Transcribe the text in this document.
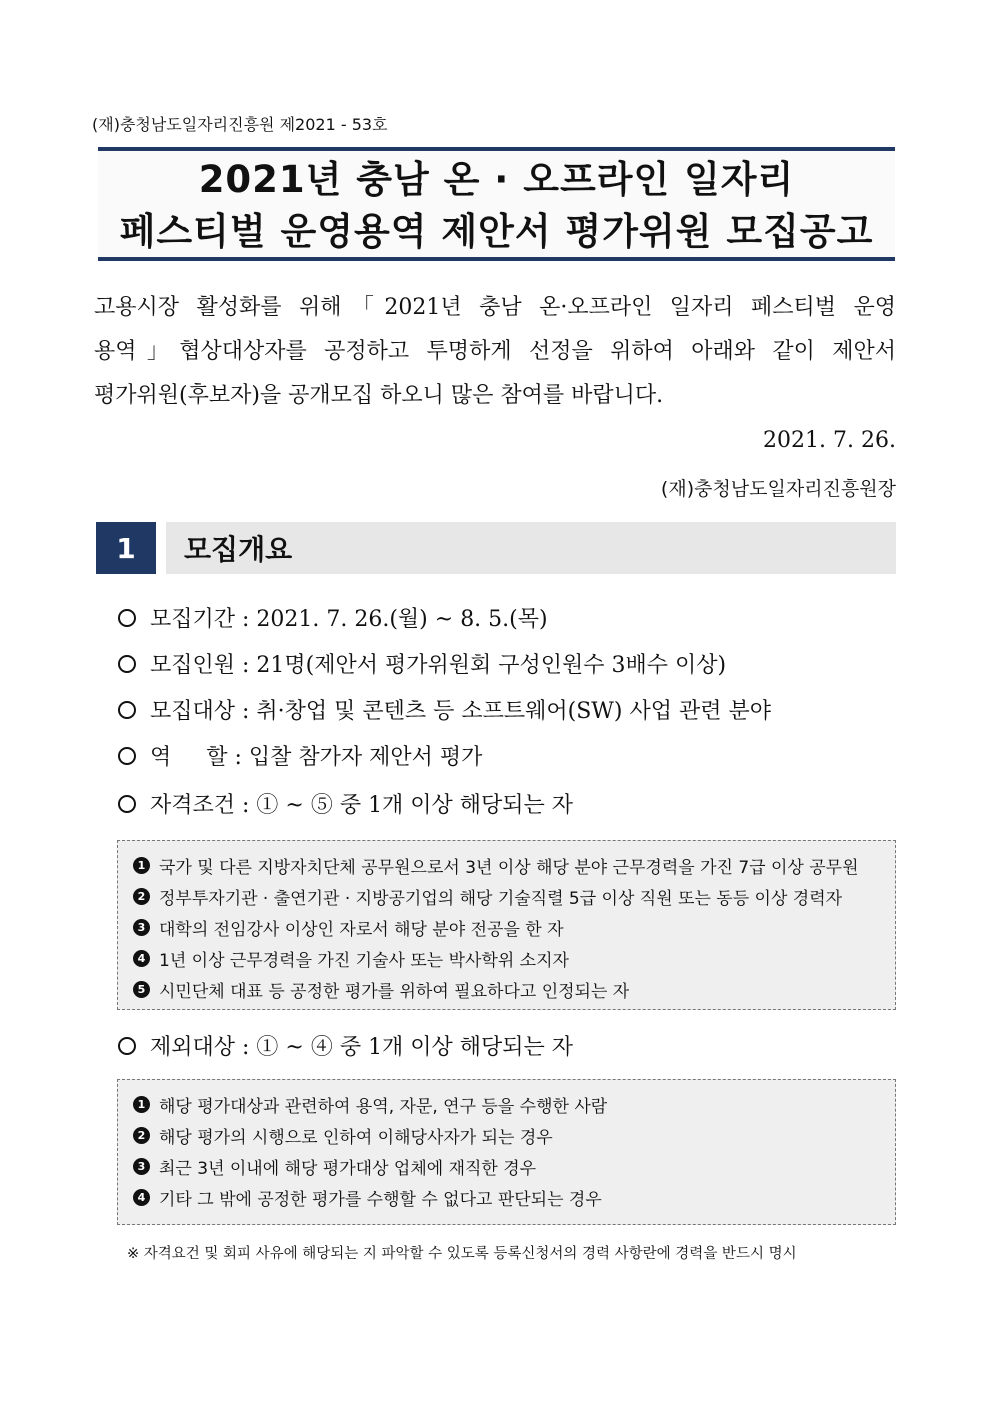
(재)충청남도일자리진흥원 제2021 - 53호
2021년 충남 온 · 오프라인 일자리
페스티벌 운영용역 제안서 평가위원 모집공고
고용시장 활성화를 위해「2021년 충남 온·오프라인 일자리 페스티벌 운영
용역」협상대상자를 공정하고 투명하게 선정을 위하여 아래와 같이 제안서
평가위원(후보자)을 공개모집 하오니 많은 참여를 바랍니다.
2021. 7. 26.
(재)충청남도일자리진흥원장
1	모집개요
모집기간 : 2021. 7. 26.(월) ~ 8. 5.(목)
모집인원 : 21명(제안서 평가위원회 구성인원수 3배수 이상)
모집대상 : 취·창업 및 콘텐츠 등 소프트웨어(SW) 사업 관련 분야
역     할 : 입찰 참가자 제안서 평가
자격조건 : ① ~ ⑤ 중 1개 이상 해당되는 자
1 국가 및 다른 지방자치단체 공무원으로서 3년 이상 해당 분야 근무경력을 가진 7급 이상 공무원
2 정부투자기관 · 출연기관 · 지방공기업의 해당 기술직렬 5급 이상 직원 또는 동등 이상 경력자
3 대학의 전임강사 이상인 자로서 해당 분야 전공을 한 자
4 1년 이상 근무경력을 가진 기술사 또는 박사학위 소지자
5 시민단체 대표 등 공정한 평가를 위하여 필요하다고 인정되는 자
제외대상 : ① ~ ④ 중 1개 이상 해당되는 자
1 해당 평가대상과 관련하여 용역, 자문, 연구 등을 수행한 사람
2 해당 평가의 시행으로 인하여 이해당사자가 되는 경우
3 최근 3년 이내에 해당 평가대상 업체에 재직한 경우
4 기타 그 밖에 공정한 평가를 수행할 수 없다고 판단되는 경우
※ 자격요건 및 회피 사유에 해당되는 지 파악할 수 있도록 등록신청서의 경력 사항란에 경력을 반드시 명시
